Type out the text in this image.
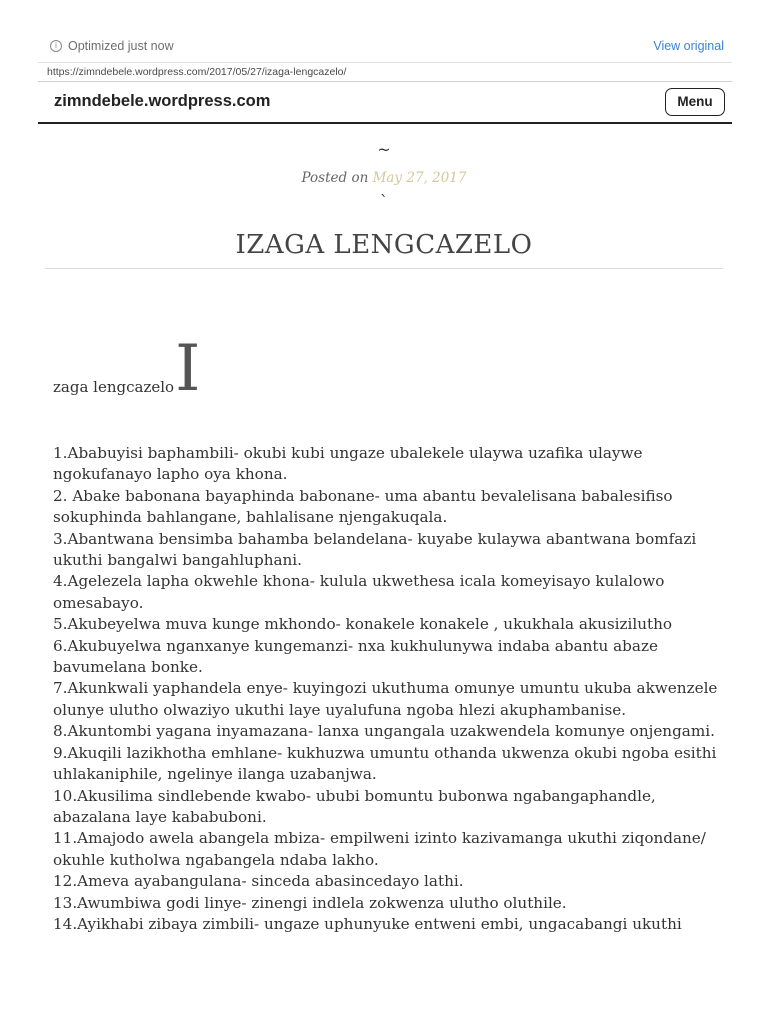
i Optimized just now	View original
https://zimndebele.wordpress.com/2017/05/27/izaga-lengcazelo/
zimndebele.wordpress.com	Menu
~
Posted on May 27, 2017
`
IZAGA LENGCAZELO
zaga lengcazelo I

1.Ababuyisi baphambili- okubi kubi ungaze ubalekele ulaywa uzafika ulaywe ngokufanayo lapho oya khona.

2. Abake babonana bayaphinda babonane- uma abantu bevalelisana babalesifiso sokuphinda bahlangane, bahlalisane njengakuqala.

3.Abantwana bensimba bahamba belandelana- kuyabe kulaywa abantwana bomfazi ukuthi bangalwi bangahluphani.

4.Agelezela lapha okwehle khona- kulula ukwethesa icala komeyisayo kulalowo omesabayo.

5.Akubeyelwa muva kunge mkhondo- konakele konakele , ukukhala akusizilutho

6.Akubuyelwa nganxanye kungemanzi- nxa kukhulunywa indaba abantu abaze bavumelana bonke.

7.Akunkwali yaphandela enye- kuyingozi ukuthuma omunye umuntu ukuba akwenzele olunye ulutho olwaziyo ukuthi laye uyalufuna ngoba hlezi akuphambanise.

8.Akuntombi yagana inyamazana- lanxa ungangala uzakwendela komunye onjengami.

9.Akuqili lazikhotha emhlane- kukhuzwa umuntu othanda ukwenza okubi ngoba esithi uhlakaniphile, ngelinye ilanga uzabanjwa.

10.Akusilima sindlebende kwabo- ububi bomuntu bubonwa ngabangaphandle, abazalana laye kababuboni.

11.Amajodo awela abangela mbiza- empilweni izinto kazivamanga ukuthi ziqondane/ okuhle kutholwa ngabangela ndaba lakho.

12.Ameva ayabangulana- sinceda abasincedayo lathi.

13.Awumbiwa godi linye- zinengi indlela zokwenza ulutho oluthile.

14.Ayikhabi zibaya zimbili- ungaze uphunyuke entweni embi, ungacabangi ukuthi
